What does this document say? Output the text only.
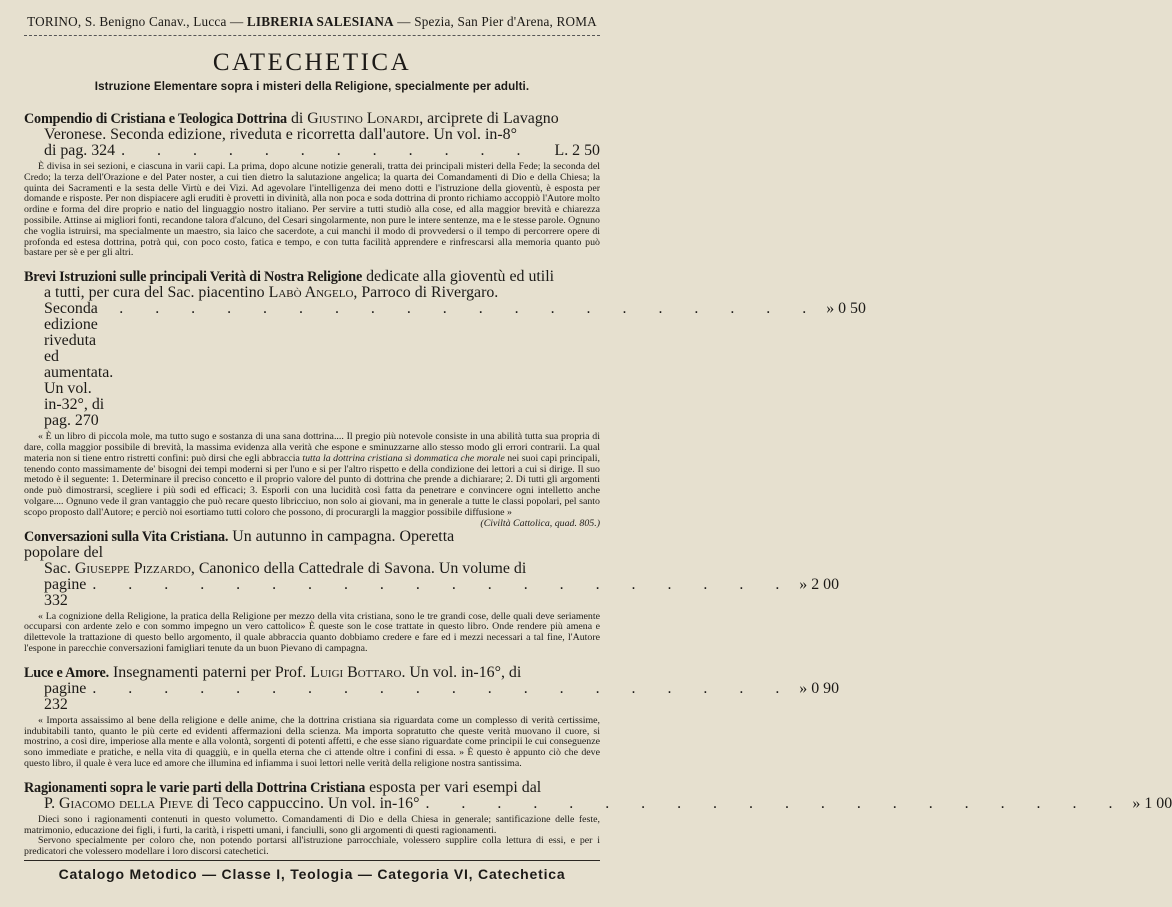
TORINO, S. Benigno Canav., Lucca — LIBRERIA SALESIANA — Spezia, San Pier d'Arena, ROMA
CATECHETICA
Istruzione Elementare sopra i misteri della Religione, specialmente per adulti.
Compendio di Cristiana e Teologica Dottrina di Giustino Lonardi, arciprete di Lavagno
Veronese. Seconda edizione, riveduta e ricorretta dall'autore. Un vol. in-8°
di pag. 324 . . . . . . . . . . . .	L. 2 50

È divisa in sei sezioni, e ciascuna in varii capi. La prima, dopo alcune notizie generali, tratta dei principali misteri della Fede; la seconda del Credo; la terza dell'Orazione e del Pater noster, a cui tien dietro la salutazione angelica; la quarta dei Comandamenti di Dio e della Chiesa; la quinta dei Sacramenti e la sesta delle Virtù e dei Vizi. Ad agevolare l'intelligenza dei meno dotti e l'istruzione della gioventù, è esposta per domande e risposte. Per non dispiacere agli eruditi è provetti in divinità, alla non poca e soda dottrina di pronto richiamo accoppiò l'Autore molto ordine e forma del dire proprio e natio del linguaggio nostro italiano. Per servire a tutti studiò alla cose, ed alla maggior brevità e chiarezza possibile. Attinse ai migliori fonti, recandone talora d'alcuno, del Cesari singolarmente, non pure le intere sentenze, ma e le stesse parole. Ognuno che voglia istruirsi, ma specialmente un maestro, sia laico che sacerdote, a cui manchi il modo di provvedersi o il tempo di percorrere opere di profonda ed estesa dottrina, potrà qui, con poco costo, fatica e tempo, e con tutta facilità apprendere e rinfrescarsi alla memoria quanto può bastare per sè e per gli altri.

Brevi Istruzioni sulle principali Verità di Nostra Religione dedicate alla gioventù ed utili
a tutti, per cura del Sac. piacentino Labò Angelo, Parroco di Rivergaro.
Seconda edizione riveduta ed aumentata. Un vol. in-32°, di pag. 270
. . . . . . . . . . . . . . . . . . . . » 0 50

« È un libro di piccola mole, ma tutto sugo e sostanza di una sana dottrina.... Il pregio più notevole consiste in una abilità tutta sua propria di dare, colla maggior possibile di brevità, la massima evidenza alla verità che espone e sminuzzarne allo stesso modo gli errori contrarii. La qual materia non si tiene entro ristretti confini: può dirsi che egli abbraccia tutta la dottrina cristiana sì dommatica che morale nei suoi capi principali, tenendo conto massimamente de' bisogni dei tempi moderni si per l'uno e si per l'altro rispetto e della condizione dei lettori a cui si dirige. Il suo metodo è il seguente: 1. Determinare il preciso concetto e il proprio valore del punto di dottrina che prende a dichiarare; 2. Di tutti gli argomenti onde può dimostrarsi, scegliere i più sodi ed efficaci; 3. Esporli con una lucidità così fatta da penetrare e convincere ogni intelletto anche volgare.... Ognuno vede il gran vantaggio che può recare questo libricciuo, non solo ai giovani, ma in generale a tutte le classi popolari, pel santo scopo proposto dall'Autore; e perciò noi esortiamo tutti coloro che possono, di procurargli la maggior possibile diffusione »
(Civiltà Cattolica, quad. 805.)

Conversazioni sulla Vita Cristiana. Un autunno in campagna. Operetta popolare del
Sac. Giuseppe Pizzardo, Canonico della Cattedrale di Savona. Un volume di
pagine 332
. . . . . . . . . . . . . . . . . . . . » 2 00

« La cognizione della Religione, la pratica della Religione per mezzo della vita cristiana, sono le tre grandi cose, delle quali deve seriamente occuparsi con ardente zelo e con sommo impegno un vero cattolico» È queste son le cose trattate in questo libro. Onde rendere più amena e dilettevole la trattazione di questo bello argomento, il quale abbraccia quanto dobbiamo credere e fare ed i mezzi necessari a tal fine, l'Autore l'espone in parecchie conversazioni famigliari tenute da un buon Pievano di campagna.

Luce e Amore. Insegnamenti paterni per Prof. Luigi Bottaro. Un vol. in-16°, di
pagine 232
. . . . . . . . . . . . . . . . . . . . » 0 90

« Importa assaissimo al bene della religione e delle anime, che la dottrina cristiana sia riguardata come un complesso di verità certissime, indubitabili tanto, quanto le più certe ed evidenti affermazioni della scienza. Ma importa sopratutto che queste verità muovano il cuore, si mostrino, a così dire, imperiose alla mente e alla volontà, sorgenti di potenti affetti, e che esse siano riguardate come principii le cui conseguenze sono immediate e pratiche, e nella vita di quaggiù, e in quella eterna che ci attende oltre i confini di essa. » È questo è appunto ciò che deve questo libro, il quale è vera luce ed amore che illumina ed infiamma i suoi lettori nelle verità della religione nostra santissima.

Ragionamenti sopra le varie parti della Dottrina Cristiana esposta per vari esempi dal
P. Giacomo della Pieve di Teco cappuccino. Un vol. in-16° . . . . . . . . . . . . . . . . . . . . » 1 00

Dieci sono i ragionamenti contenuti in questo volumetto. Comandamenti di Dio e della Chiesa in generale; santificazione delle feste, matrimonio, educazione dei figli, i furti, la carità, i rispetti umani, i fanciulli, sono gli argomenti di questi ragionamenti.

Servono specialmente per coloro che, non potendo portarsi all'istruzione parrocchiale, volessero supplire colla lettura di essi, e per i predicatori che volessero modellare i loro discorsi catechetici.

Catalogo Metodico — Classe I, Teologia — Categoria VI, Catechetica
